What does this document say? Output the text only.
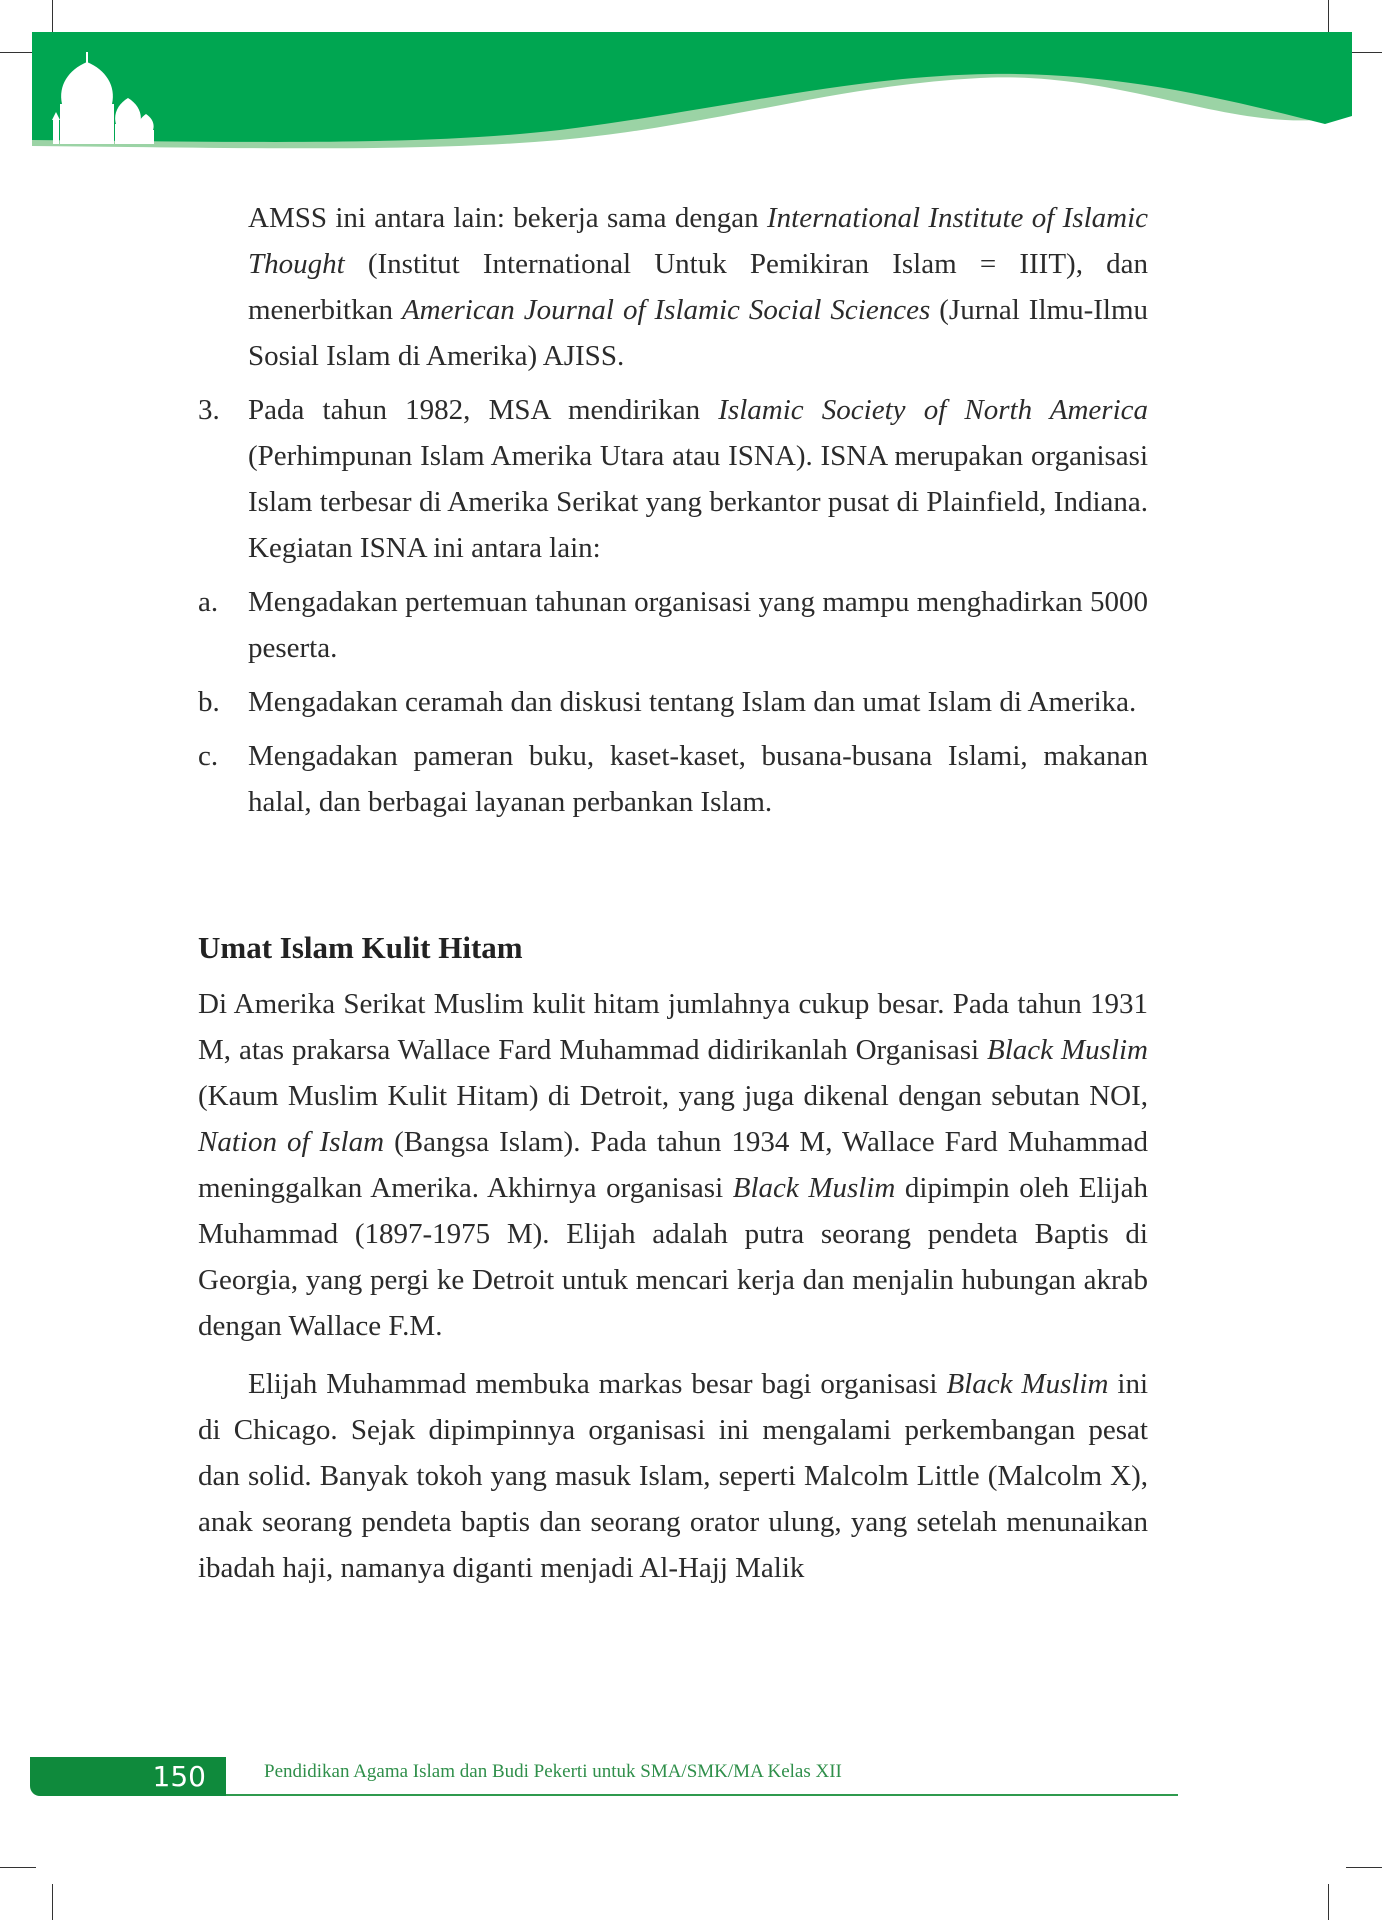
AMSS ini antara lain: bekerja sama dengan International Institute of Islamic Thought (Institut International Untuk Pemikiran Islam = IIIT), dan menerbitkan American Journal of Islamic Social Sciences (Jurnal Ilmu-Ilmu Sosial Islam di Amerika) AJISS.

3. Pada tahun 1982, MSA mendirikan Islamic Society of North America (Perhimpunan Islam Amerika Utara atau ISNA). ISNA merupakan organisasi Islam terbesar di Amerika Serikat yang berkantor pusat di Plainfield, Indiana. Kegiatan ISNA ini antara lain:

a. Mengadakan pertemuan tahunan organisasi yang mampu menghadirkan 5000 peserta.

b. Mengadakan ceramah dan diskusi tentang Islam dan umat Islam di Amerika.

c. Mengadakan pameran buku, kaset-kaset, busana-busana Islami, makanan halal, dan berbagai layanan perbankan Islam.

Umat Islam Kulit Hitam

Di Amerika Serikat Muslim kulit hitam jumlahnya cukup besar. Pada tahun 1931 M, atas prakarsa Wallace Fard Muhammad didirikanlah Organisasi Black Muslim (Kaum Muslim Kulit Hitam) di Detroit, yang juga dikenal dengan sebutan NOI, Nation of Islam (Bangsa Islam). Pada tahun 1934 M, Wallace Fard Muhammad meninggalkan Amerika. Akhirnya organisasi Black Muslim dipimpin oleh Elijah Muhammad (1897-1975 M). Elijah adalah putra seorang pendeta Baptis di Georgia, yang pergi ke Detroit untuk mencari kerja dan menjalin hubungan akrab dengan Wallace F.M.

Elijah Muhammad membuka markas besar bagi organisasi Black Muslim ini di Chicago. Sejak dipimpinnya organisasi ini mengalami perkembangan pesat dan solid. Banyak tokoh yang masuk Islam, seperti Malcolm Little (Malcolm X), anak seorang pendeta baptis dan seorang orator ulung, yang setelah menunaikan ibadah haji, namanya diganti menjadi Al-Hajj Malik

150	Pendidikan Agama Islam dan Budi Pekerti untuk SMA/SMK/MA Kelas XII
